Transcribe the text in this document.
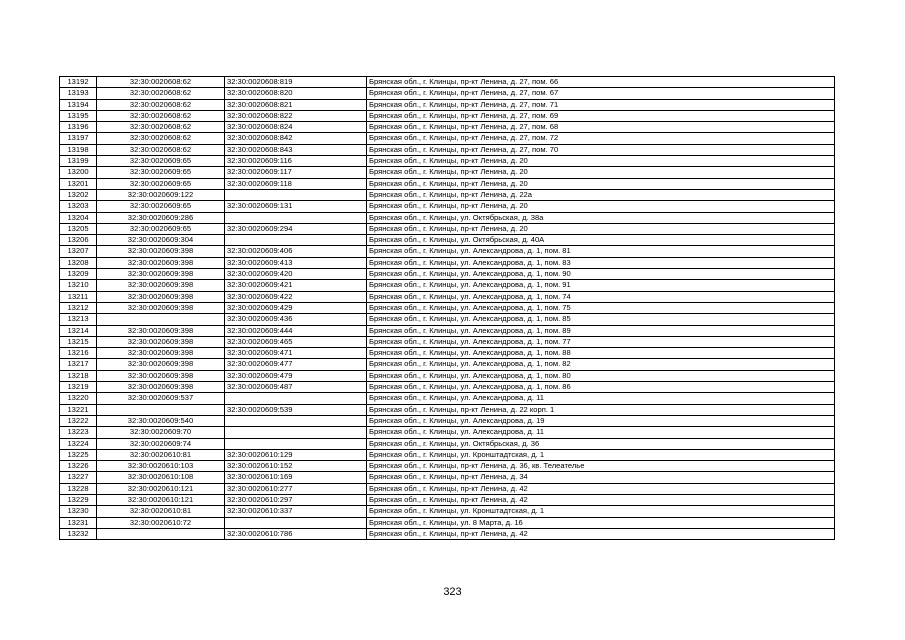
13192	32:30:0020608:62	32:30:0020608:819	Брянская обл., г. Клинцы, пр-кт Ленина, д. 27, пом. 66
13193	32:30:0020608:62	32:30:0020608:820	Брянская обл., г. Клинцы, пр-кт Ленина, д. 27, пом. 67
13194	32:30:0020608:62	32:30:0020608:821	Брянская обл., г. Клинцы, пр-кт Ленина, д. 27, пом. 71
13195	32:30:0020608:62	32:30:0020608:822	Брянская обл., г. Клинцы, пр-кт Ленина, д. 27, пом. 69
13196	32:30:0020608:62	32:30:0020608:824	Брянская обл., г. Клинцы, пр-кт Ленина, д. 27, пом. 68
13197	32:30:0020608:62	32:30:0020608:842	Брянская обл., г. Клинцы, пр-кт Ленина, д. 27, пом. 72
13198	32:30:0020608:62	32:30:0020608:843	Брянская обл., г. Клинцы, пр-кт Ленина, д. 27, пом. 70
13199	32:30:0020609:65	32:30:0020609:116	Брянская обл., г. Клинцы, пр-кт Ленина, д. 20
13200	32:30:0020609:65	32:30:0020609:117	Брянская обл., г. Клинцы, пр-кт Ленина, д. 20
13201	32:30:0020609:65	32:30:0020609:118	Брянская обл., г. Клинцы, пр-кт Ленина, д. 20
13202	32:30:0020609:122		Брянская обл., г. Клинцы, пр-кт Ленина, д. 22а
13203	32:30:0020609:65	32:30:0020609:131	Брянская обл., г. Клинцы, пр-кт Ленина, д. 20
13204	32:30:0020609:286		Брянская обл., г. Клинцы, ул. Октябрьская, д. 38а
13205	32:30:0020609:65	32:30:0020609:294	Брянская обл., г. Клинцы, пр-кт Ленина, д. 20
13206	32:30:0020609:304		Брянская обл., г. Клинцы, ул. Октябрьская, д. 40А
13207	32:30:0020609:398	32:30:0020609:406	Брянская обл., г. Клинцы, ул. Александрова, д. 1, пом. 81
13208	32:30:0020609:398	32:30:0020609:413	Брянская обл., г. Клинцы, ул. Александрова, д. 1, пом. 83
13209	32:30:0020609:398	32:30:0020609:420	Брянская обл., г. Клинцы, ул. Александрова, д. 1, пом. 90
13210	32:30:0020609:398	32:30:0020609:421	Брянская обл., г. Клинцы, ул. Александрова, д. 1, пом. 91
13211	32:30:0020609:398	32:30:0020609:422	Брянская обл., г. Клинцы, ул. Александрова, д. 1, пом. 74
13212	32:30:0020609:398	32:30:0020609:429	Брянская обл., г. Клинцы, ул. Александрова, д. 1, пом. 75
13213		32:30:0020609:436	Брянская обл., г. Клинцы, ул. Александрова, д. 1, пом. 85
13214	32:30:0020609:398	32:30:0020609:444	Брянская обл., г. Клинцы, ул. Александрова, д. 1, пом. 89
13215	32:30:0020609:398	32:30:0020609:465	Брянская обл., г. Клинцы, ул. Александрова, д. 1, пом. 77
13216	32:30:0020609:398	32:30:0020609:471	Брянская обл., г. Клинцы, ул. Александрова, д. 1, пом. 88
13217	32:30:0020609:398	32:30:0020609:477	Брянская обл., г. Клинцы, ул. Александрова, д. 1, пом. 82
13218	32:30:0020609:398	32:30:0020609:479	Брянская обл., г. Клинцы, ул. Александрова, д. 1, пом. 80
13219	32:30:0020609:398	32:30:0020609:487	Брянская обл., г. Клинцы, ул. Александрова, д. 1, пом. 86
13220	32:30:0020609:537		Брянская обл., г. Клинцы, ул. Александрова, д. 11
13221		32:30:0020609:539	Брянская обл., г. Клинцы, пр-кт Ленина, д. 22 корп. 1
13222	32:30:0020609:540		Брянская обл., г. Клинцы, ул. Александрова, д. 19
13223	32:30:0020609:70		Брянская обл., г. Клинцы, ул. Александрова, д. 11
13224	32:30:0020609:74		Брянская обл., г. Клинцы, ул. Октябрьская, д. 36
13225	32:30:0020610:81	32:30:0020610:129	Брянская обл., г. Клинцы, ул. Кронштадтская, д. 1
13226	32:30:0020610:103	32:30:0020610:152	Брянская обл., г. Клинцы, пр-кт Ленина, д. 36, кв. Телеателье
13227	32:30:0020610:108	32:30:0020610:169	Брянская обл., г. Клинцы, пр-кт Ленина, д. 34
13228	32:30:0020610:121	32:30:0020610:277	Брянская обл., г. Клинцы, пр-кт Ленина, д. 42
13229	32:30:0020610:121	32:30:0020610:297	Брянская обл., г. Клинцы, пр-кт Ленина, д. 42
13230	32:30:0020610:81	32:30:0020610:337	Брянская обл., г. Клинцы, ул. Кронштадтская, д. 1
13231	32:30:0020610:72		Брянская обл., г. Клинцы, ул. 8 Марта, д. 16
13232		32:30:0020610:786	Брянская обл., г. Клинцы, пр-кт Ленина, д. 42
323
